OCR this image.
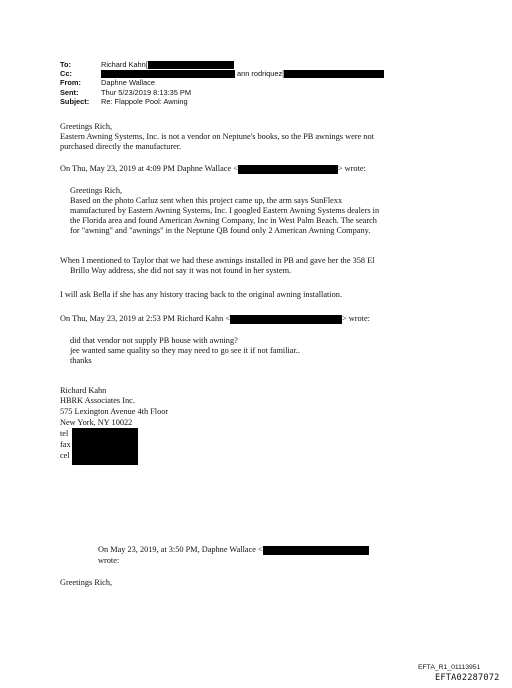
To:	Richard Kahn[
Cc:	ann rodriquez[
From:	Daphne Wallace
Sent:	Thur 5/23/2019 8:13:35 PM
Subject:	Re: Flappole Pool: Awning
Greetings Rich,
Eastern Awning Systems, Inc. is not a vendor on Neptune's books, so the PB awnings were not
purchased directly the manufacturer.
On Thu, May 23, 2019 at 4:09 PM Daphne Wallace <	> wrote:
Greetings Rich,
Based on the photo Carluz sent when this project came up, the arm says SunFlexx
manufactured by Eastern Awning Systems, Inc. I googled Eastern Awning Systems dealers in
the Florida area and found American Awning Company, Inc in West Palm Beach. The search
for "awning" and "awnings" in the Neptune QB found only 2 American Awning Company.
When I mentioned to Taylor that we had these awnings installed in PB and gave her the 358 El
Brillo Way address, she did not say it was not found in her system.
I will ask Bella if she has any history tracing back to the original awning installation.
On Thu, May 23, 2019 at 2:53 PM Richard Kahn <	> wrote:
did that vendor not supply PB house with awning?
jee wanted same quality so they may need to go see it if not familiar..
thanks
Richard Kahn
HBRK Associates Inc.
575 Lexington Avenue 4th Floor
New York, NY 10022
tel
fax
cel
On May 23, 2019, at 3:50 PM, Daphne Wallace <
wrote:
Greetings Rich,
EFTA_R1_01113951
EFTA02287072
